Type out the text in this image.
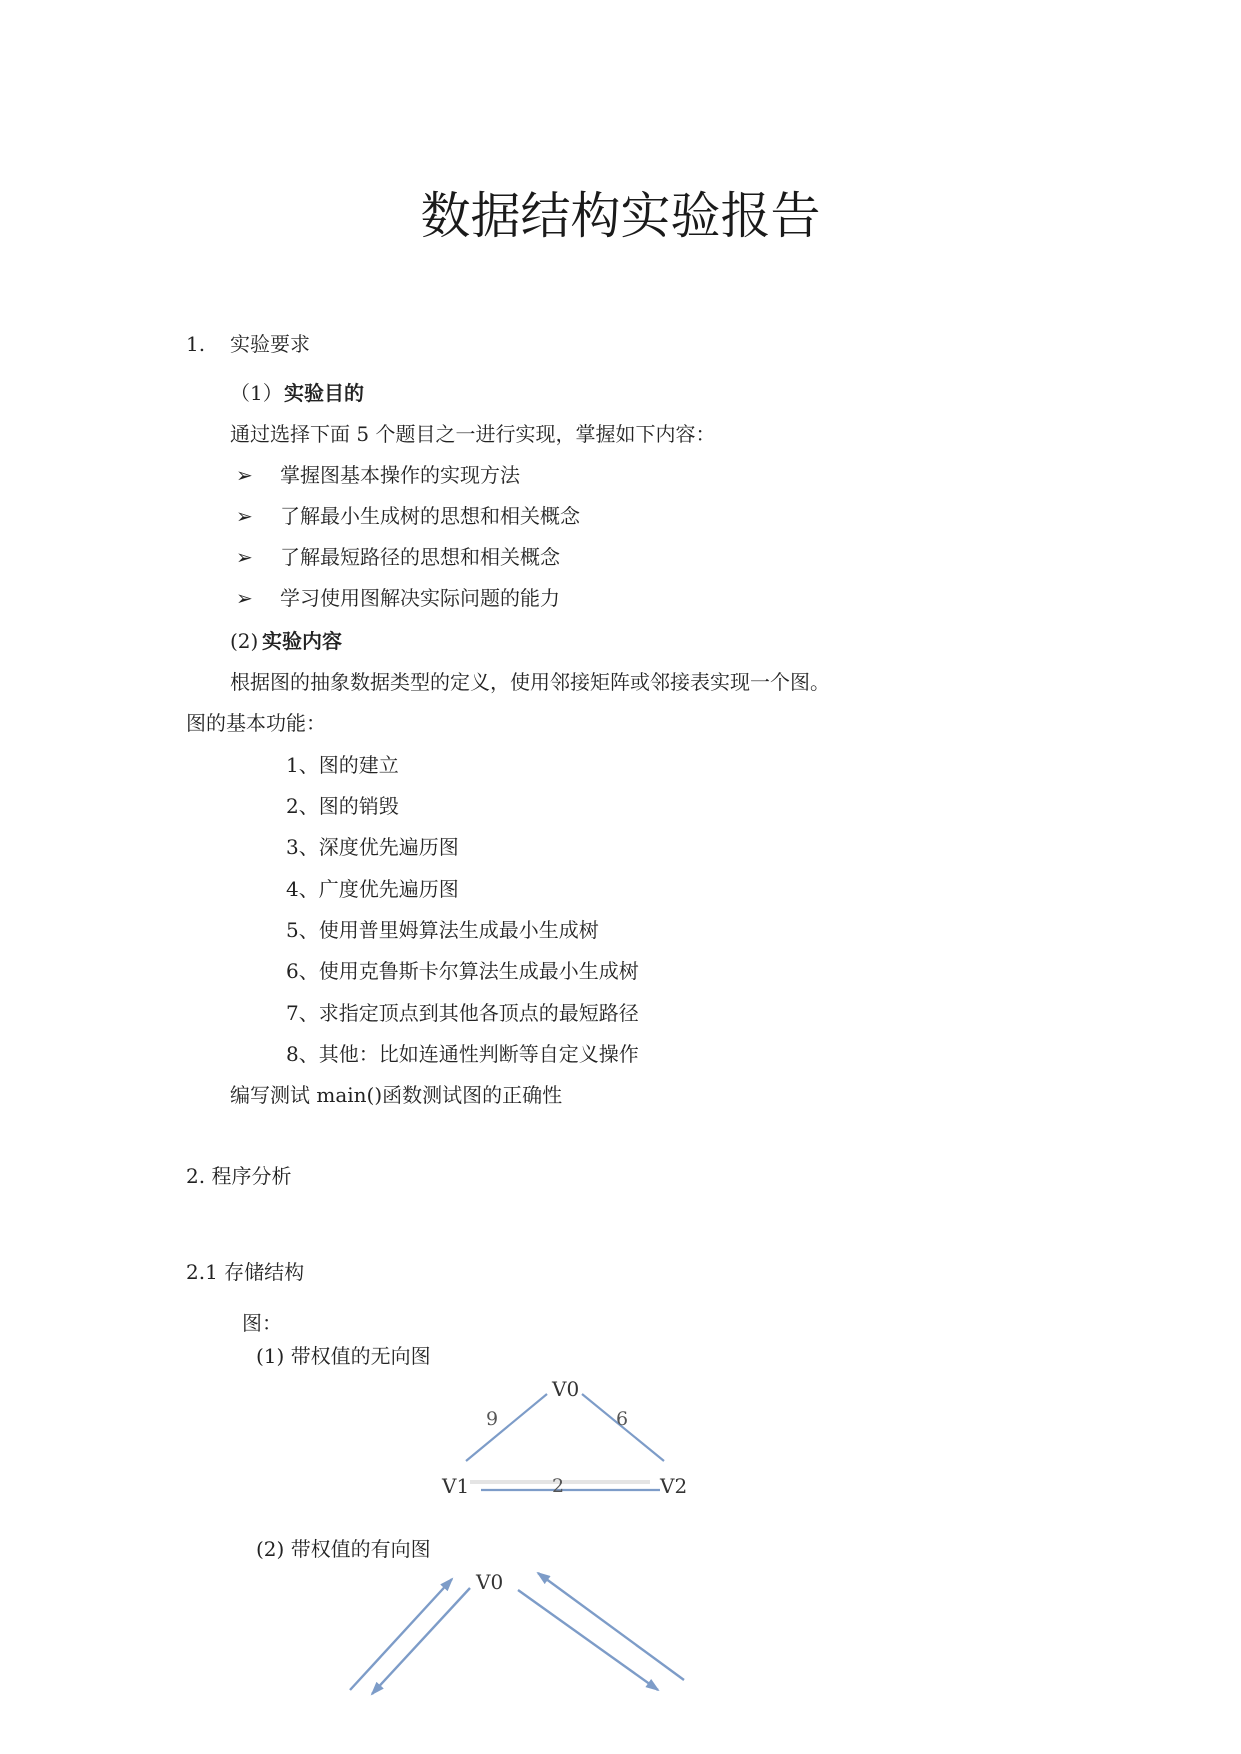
数据结构实验报告
1. 实验要求
（1） 实验目的
通过选择下面 5 个题目之一进行实现，掌握如下内容：
➢ 掌握图基本操作的实现方法
➢ 了解最小生成树的思想和相关概念
➢ 了解最短路径的思想和相关概念
➢ 学习使用图解决实际问题的能力
(2) 实验内容
根据图的抽象数据类型的定义，使用邻接矩阵或邻接表实现一个图。
图的基本功能：
1、图的建立
2、图的销毁
3、深度优先遍历图
4、广度优先遍历图
5、使用普里姆算法生成最小生成树
6、使用克鲁斯卡尔算法生成最小生成树
7、求指定顶点到其他各顶点的最短路径
8、其他：比如连通性判断等自定义操作
编写测试 main()函数测试图的正确性
2. 程序分析
2.1 存储结构
图：
(1) 带权值的无向图
V0
V1	V2
9	6
2
(2) 带权值的有向图
V0
